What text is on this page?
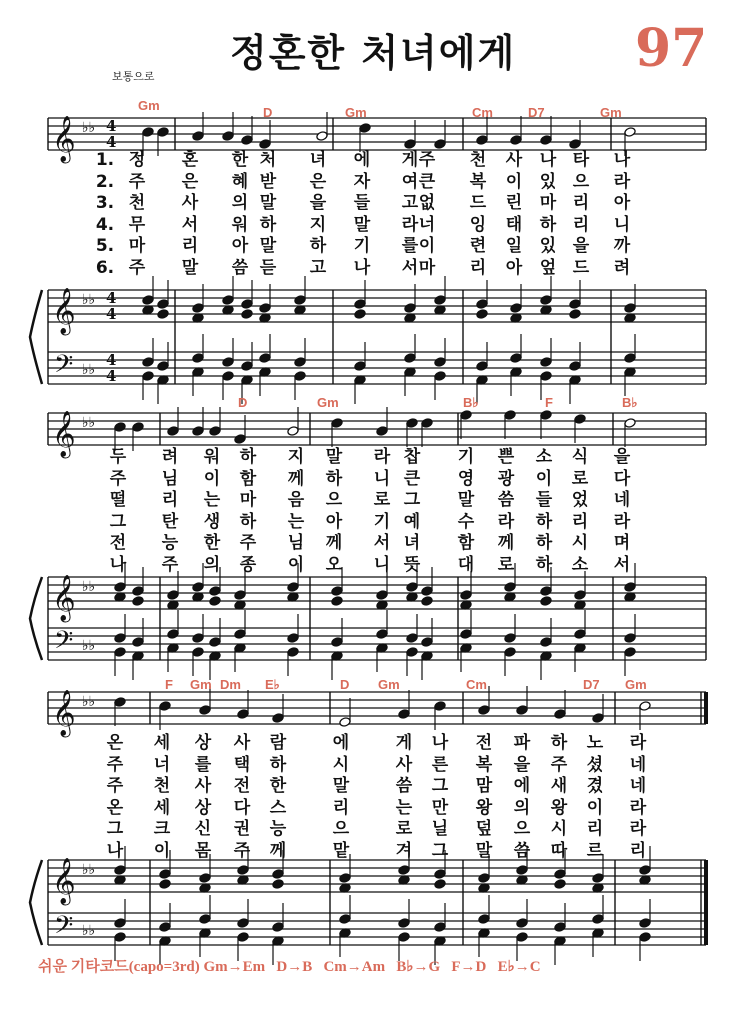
정혼한 처녀에게 97
보통으로
𝄞 ♭♭
𝄞
𝄢
♭♭
♭♭
4
4
4
4
4
4
𝄞 ♭♭
𝄞
𝄢
♭♭
♭♭
𝄞 ♭♭
𝄞
𝄢
♭♭
♭♭
Gm	D	Gm	Cm	D7	Gm
D	Gm	B♭	F	B♭
F Gm Dm E♭	D Gm	Cm	D7 Gm
1.
2.
3.
4.
5.
6.
정
주
천
무
마
주
혼
은
사
서
리
말
한
혜
의
워
아
씀
처
받
말
하
말
듣
녀
은
을
지
하
고
에
자
들
말
기
나
게
여
고
라
를
서
주
큰
없
너
이
마
천
복
드
잉
련
리
사
이
린
태
일
아
나
있
마
하
있
엎
타
으
리
리
을
드
나
라
아
니
까
려
두
주
떨
그
전
나
려
님
리
탄
능
주
워
이
는
생
한
의
하
함
마
하
주
종
지
께
음
는
님
이
말
하
으
아
께
오
라
니
로
기
서
니
찹
큰
그
예
녀
뜻
기
영
말
수
함
대
쁜
광
씀
라
께
로
소
이
들
하
하
하
식
로
었
리
시
소
을
다
네
라
며
서
온
주
주
온
그
나
세
너
천
세
크
이
상
를
사
상
신
몸
사
택
전
다
권
주
람
하
한
스
능
께
에
시
말
리
으
맡
게
사
씀
는
로
겨
나
른
그
만
닐
그
전
복
맘
왕
덮
말
파
을
에
의
으
씀
하
주
새
왕
시
따
노
셨
겼
이
리
르
라
네
네
라
라
리
쉬운 기타코드(capo=3rd) Gm→Em   D→B   Cm→Am   B♭→G   F→D   E♭→C
